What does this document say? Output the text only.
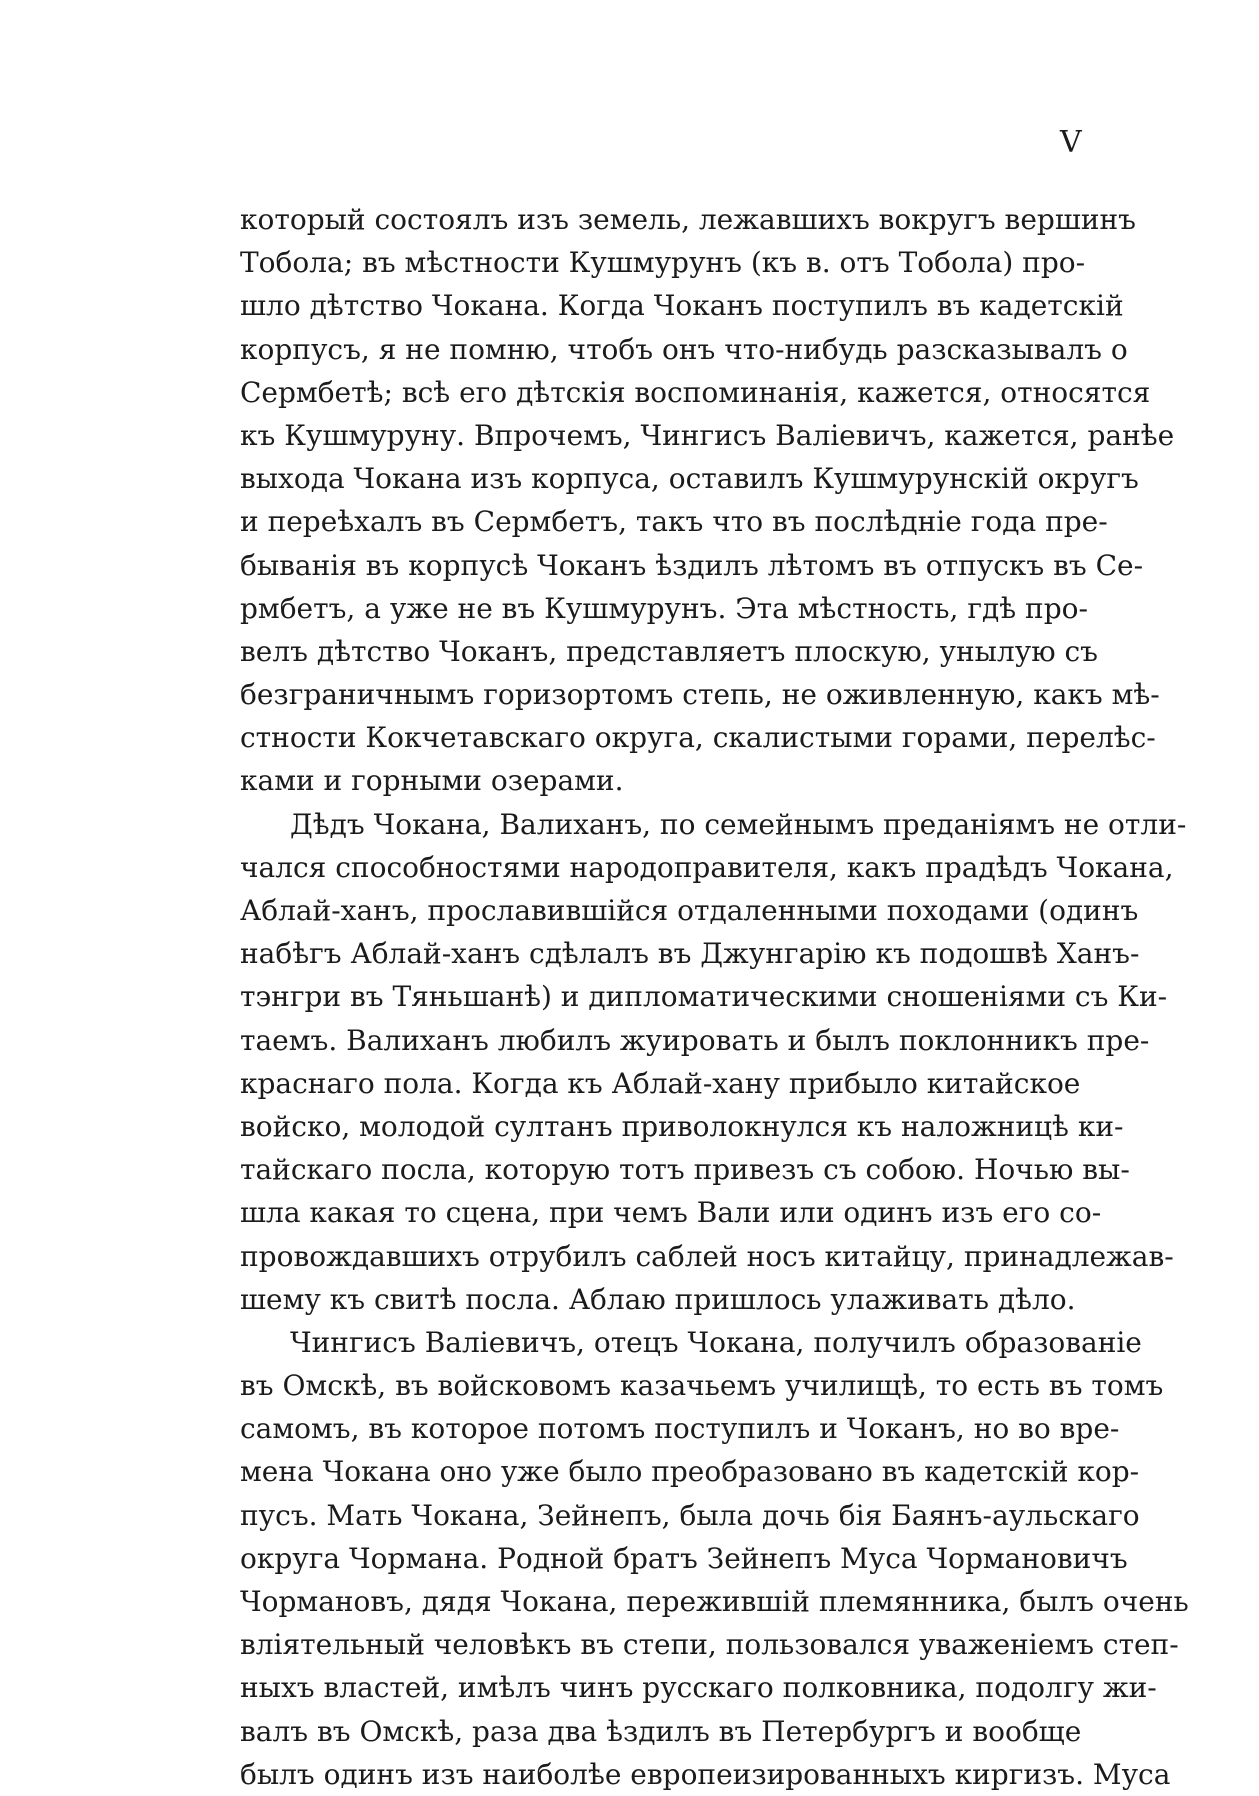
V
который состоялъ изъ земель, лежавшихъ вокругъ вершинъ
Тобола; въ мѣстности Кушмурунъ (къ в. отъ Тобола) про-
шло дѣтство Чокана. Когда Чоканъ поступилъ въ кадетскій
корпусъ, я не помню, чтобъ онъ что-нибудь разсказывалъ о
Сермбетѣ; всѣ его дѣтскія воспоминанія, кажется, относятся
къ Кушмуруну. Впрочемъ, Чингисъ Валіевичъ, кажется, ранѣе
выхода Чокана изъ корпуса, оставилъ Кушмурунскій округъ
и переѣхалъ въ Сермбетъ, такъ что въ послѣдніе года пре-
быванія въ корпусѣ Чоканъ ѣздилъ лѣтомъ въ отпускъ въ Се-
рмбетъ, а уже не въ Кушмурунъ. Эта мѣстность, гдѣ про-
велъ дѣтство Чоканъ, представляетъ плоскую, унылую съ
безграничнымъ горизортомъ степь, не оживленную, какъ мѣ-
стности Кокчетавскаго округа, скалистыми горами, перелѣс-
ками и горными озерами.
Дѣдъ Чокана, Валиханъ, по семейнымъ преданіямъ не отли-
чался способностями народоправителя, какъ прадѣдъ Чокана,
Аблай-ханъ, прославившійся отдаленными походами (одинъ
набѣгъ Аблай-ханъ сдѣлалъ въ Джунгарію къ подошвѣ Ханъ-
тэнгри въ Тяньшанѣ) и дипломатическими сношеніями съ Ки-
таемъ. Валиханъ любилъ жуировать и былъ поклонникъ пре-
краснаго пола. Когда къ Аблай-хану прибыло китайское
войско, молодой султанъ приволокнулся къ наложницѣ ки-
тайскаго посла, которую тотъ привезъ съ собою. Ночью вы-
шла какая то сцена, при чемъ Вали или одинъ изъ его со-
провождавшихъ отрубилъ саблей носъ китайцу, принадлежав-
шему къ свитѣ посла. Аблаю пришлось улаживать дѣло.
Чингисъ Валіевичъ, отецъ Чокана, получилъ образованіе
въ Омскѣ, въ войсковомъ казачьемъ училищѣ, то есть въ томъ
самомъ, въ которое потомъ поступилъ и Чоканъ, но во вре-
мена Чокана оно уже было преобразовано въ кадетскій кор-
пусъ. Мать Чокана, Зейнепъ, была дочь бія Баянъ-аульскаго
округа Чормана. Родной братъ Зейнепъ Муса Чормановичъ
Чормановъ, дядя Чокана, пережившій племянника, былъ очень
вліятельный человѣкъ въ степи, пользовался уваженіемъ степ-
ныхъ властей, имѣлъ чинъ русскаго полковника, подолгу жи-
валъ въ Омскѣ, раза два ѣздилъ въ Петербургъ и вообще
былъ одинъ изъ наиболѣе европеизированныхъ киргизъ. Муса
